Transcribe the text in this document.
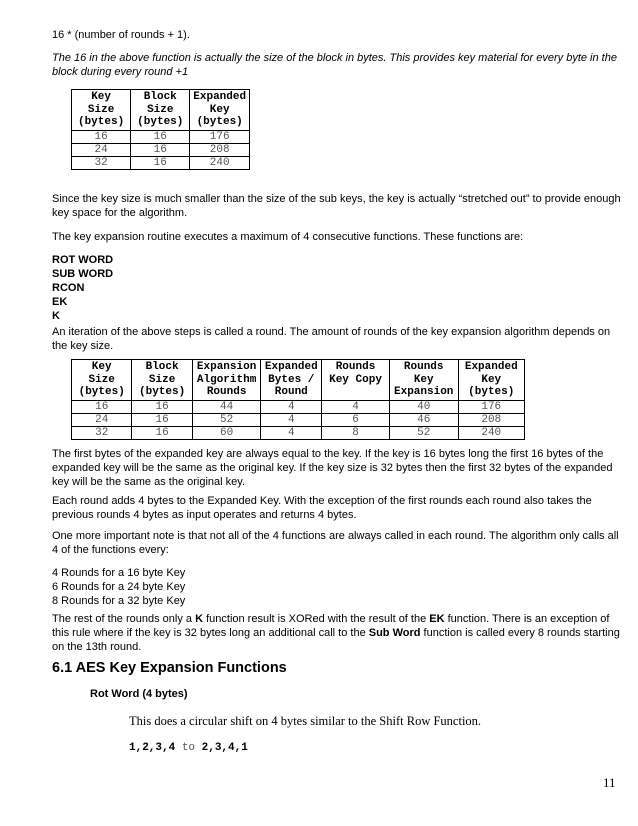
16 * (number of rounds + 1).

The 16 in the above function is actually the size of the block in bytes. This provides key material for every byte in the block during every round +1

Key
Size
(bytes)	Block
Size
(bytes)	Expanded
Key
(bytes)

16	16	176
24	16	208
32	16	240

Since the key size is much smaller than the size of the sub keys, the key is actually “stretched out” to provide enough key space for the algorithm.

The key expansion routine executes a maximum of 4 consecutive functions. These functions are:

ROT WORD
SUB WORD
RCON
EK
K

An iteration of the above steps is called a round. The amount of rounds of the key expansion algorithm depends on the key size.

Key
Size
(bytes)	Block
Size
(bytes)	Expansion
Algorithm
Rounds	Expanded
Bytes /
Round	Rounds
Key Copy	Rounds
Key
Expansion	Expanded
Key
(bytes)

16	16	44	4	4	40	176
24	16	52	4	6	46	208
32	16	60	4	8	52	240

The first bytes of the expanded key are always equal to the key. If the key is 16 bytes long the first 16 bytes of the expanded key will be the same as the original key. If the key size is 32 bytes then the first 32 bytes of the expanded key will be the same as the original key.

Each round adds 4 bytes to the Expanded Key. With the exception of the first rounds each round also takes the previous rounds 4 bytes as input operates and returns 4 bytes.

One more important note is that not all of the 4 functions are always called in each round. The algorithm only calls all 4 of the functions every:

4 Rounds for a 16 byte Key
6 Rounds for a 24 byte Key
8 Rounds for a 32 byte Key

The rest of the rounds only a K function result is XORed with the result of the EK function. There is an exception of this rule where if the key is 32 bytes long an additional call to the Sub Word function is called every 8 rounds starting on the 13th round.

6.1 AES Key Expansion Functions
Rot Word (4 bytes)
This does a circular shift on 4 bytes similar to the Shift Row Function.
1,2,3,4 to 2,3,4,1
11
